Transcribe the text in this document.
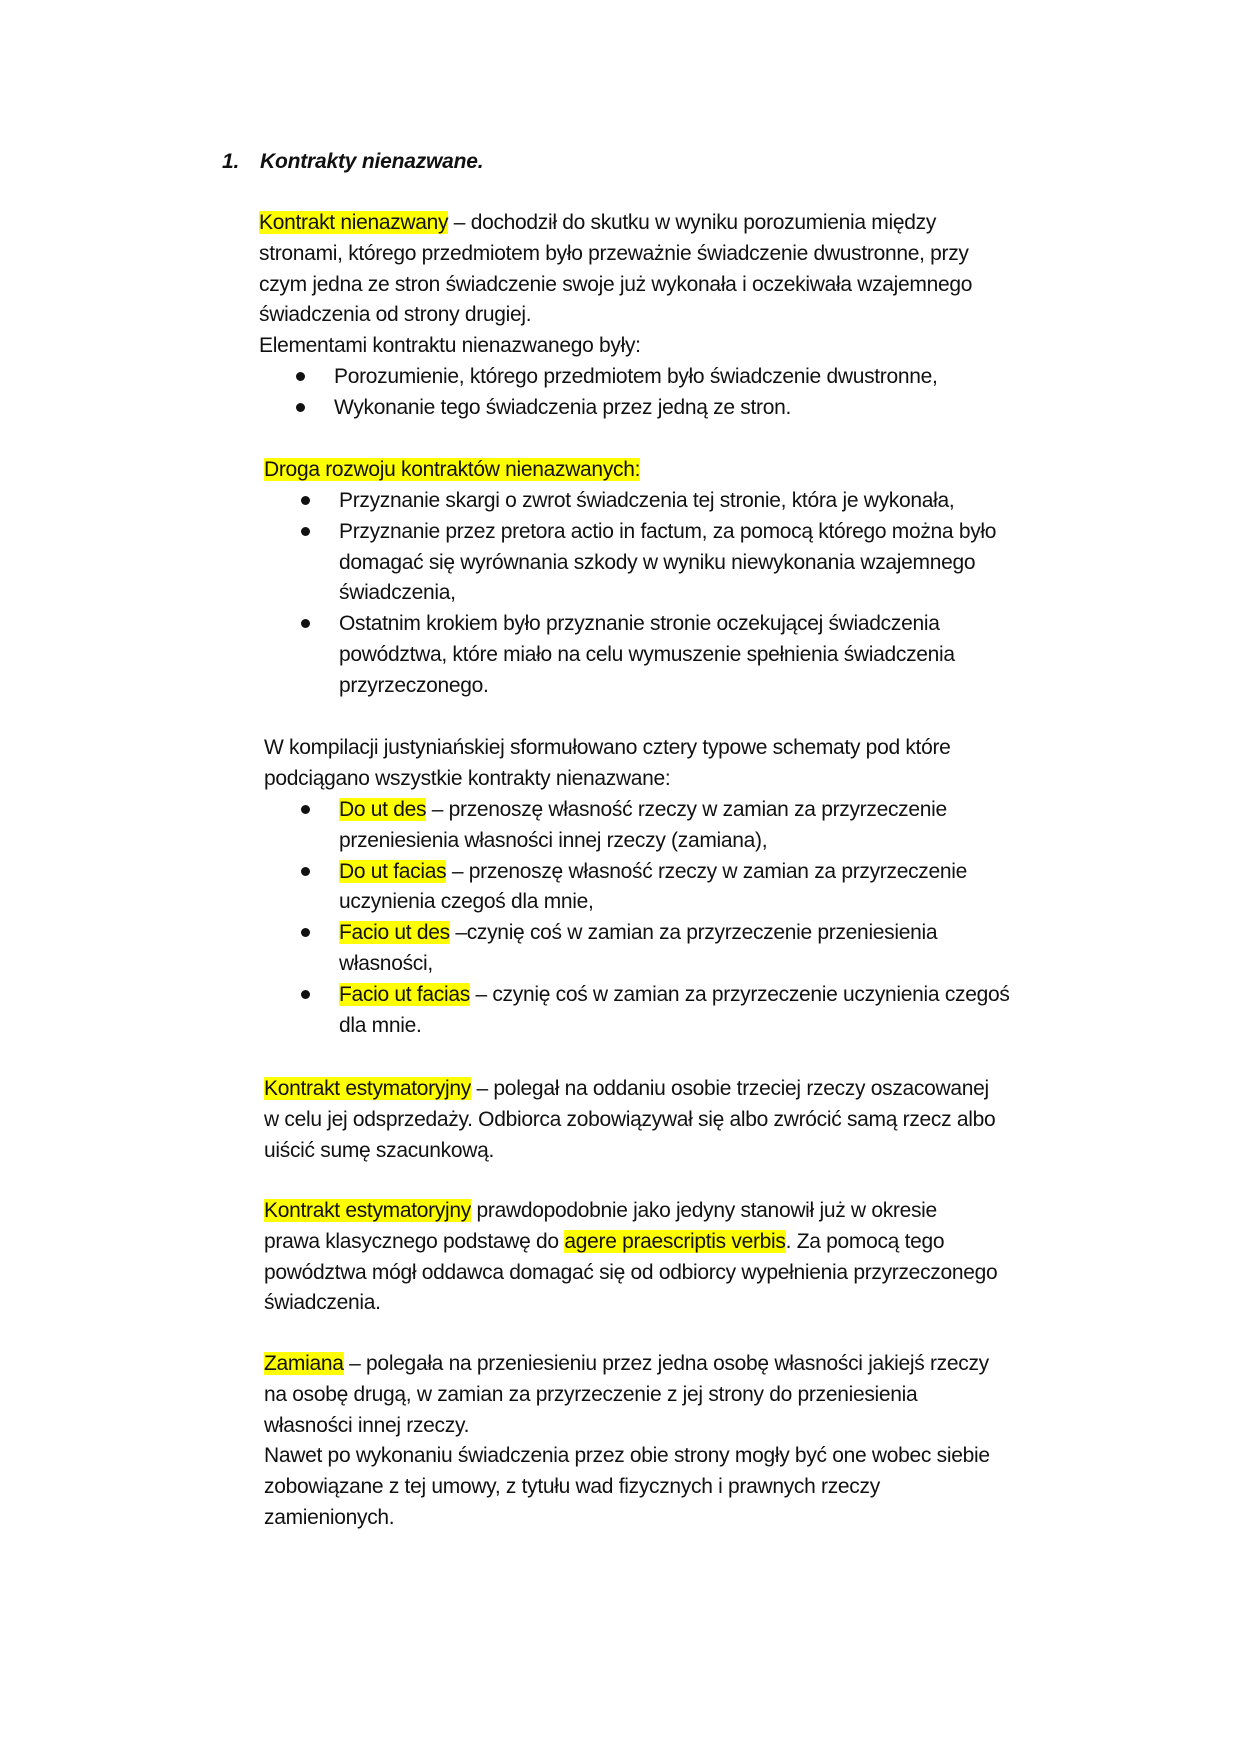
1. Kontrakty nienazwane.
Kontrakt nienazwany – dochodził do skutku w wyniku porozumienia między
stronami, którego przedmiotem było przeważnie świadczenie dwustronne, przy
czym jedna ze stron świadczenie swoje już wykonała i oczekiwała wzajemnego
świadczenia od strony drugiej.
Elementami kontraktu nienazwanego były:
Porozumienie, którego przedmiotem było świadczenie dwustronne,
Wykonanie tego świadczenia przez jedną ze stron.
Droga rozwoju kontraktów nienazwanych:
Przyznanie skargi o zwrot świadczenia tej stronie, która je wykonała,
Przyznanie przez pretora actio in factum, za pomocą którego można było
domagać się wyrównania szkody w wyniku niewykonania wzajemnego
świadczenia,
Ostatnim krokiem było przyznanie stronie oczekującej świadczenia
powództwa, które miało na celu wymuszenie spełnienia świadczenia
przyrzeczonego.
W kompilacji justyniańskiej sformułowano cztery typowe schematy pod które
podciągano wszystkie kontrakty nienazwane:
Do ut des – przenoszę własność rzeczy w zamian za przyrzeczenie
przeniesienia własności innej rzeczy (zamiana),
Do ut facias – przenoszę własność rzeczy w zamian za przyrzeczenie
uczynienia czegoś dla mnie,
Facio ut des –czynię coś w zamian za przyrzeczenie przeniesienia
własności,
Facio ut facias – czynię coś w zamian za przyrzeczenie uczynienia czegoś
dla mnie.
Kontrakt estymatoryjny – polegał na oddaniu osobie trzeciej rzeczy oszacowanej
w celu jej odsprzedaży. Odbiorca zobowiązywał się albo zwrócić samą rzecz albo
uiścić sumę szacunkową.
Kontrakt estymatoryjny prawdopodobnie jako jedyny stanowił już w okresie
prawa klasycznego podstawę do agere praescriptis verbis. Za pomocą tego
powództwa mógł oddawca domagać się od odbiorcy wypełnienia przyrzeczonego
świadczenia.
Zamiana – polegała na przeniesieniu przez jedna osobę własności jakiejś rzeczy
na osobę drugą, w zamian za przyrzeczenie z jej strony do przeniesienia
własności innej rzeczy.
Nawet po wykonaniu świadczenia przez obie strony mogły być one wobec siebie
zobowiązane z tej umowy, z tytułu wad fizycznych i prawnych rzeczy
zamienionych.
